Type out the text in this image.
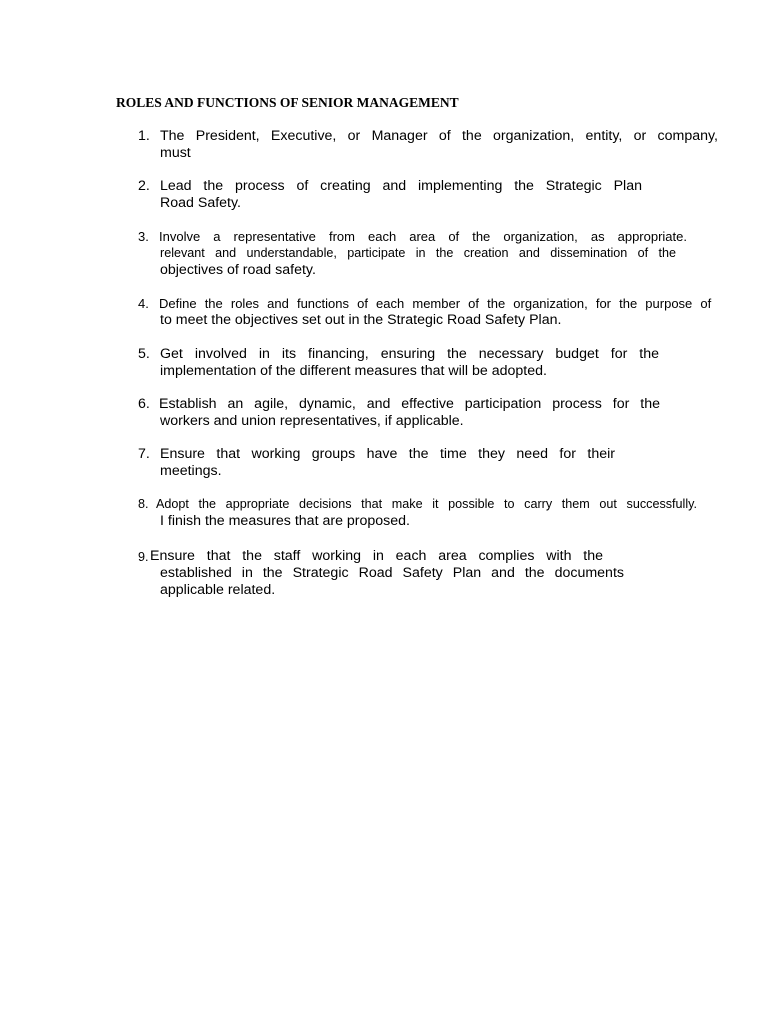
ROLES AND FUNCTIONS OF SENIOR MANAGEMENT
1. The President, Executive, or Manager of the organization, entity, or company,
must
2. Lead the process of creating and implementing the Strategic Plan
Road Safety.
3. Involve a representative from each area of the organization, as appropriate.
relevant and understandable, participate in the creation and dissemination of the
objectives of road safety.
4. Define the roles and functions of each member of the organization, for the purpose of
to meet the objectives set out in the Strategic Road Safety Plan.
5. Get involved in its financing, ensuring the necessary budget for the
implementation of the different measures that will be adopted.
6. Establish an agile, dynamic, and effective participation process for the
workers and union representatives, if applicable.
7. Ensure that working groups have the time they need for their
meetings.
8. Adopt the appropriate decisions that make it possible to carry them out successfully.
I finish the measures that are proposed.
9. Ensure that the staff working in each area complies with the
established in the Strategic Road Safety Plan and the documents
applicable related.
